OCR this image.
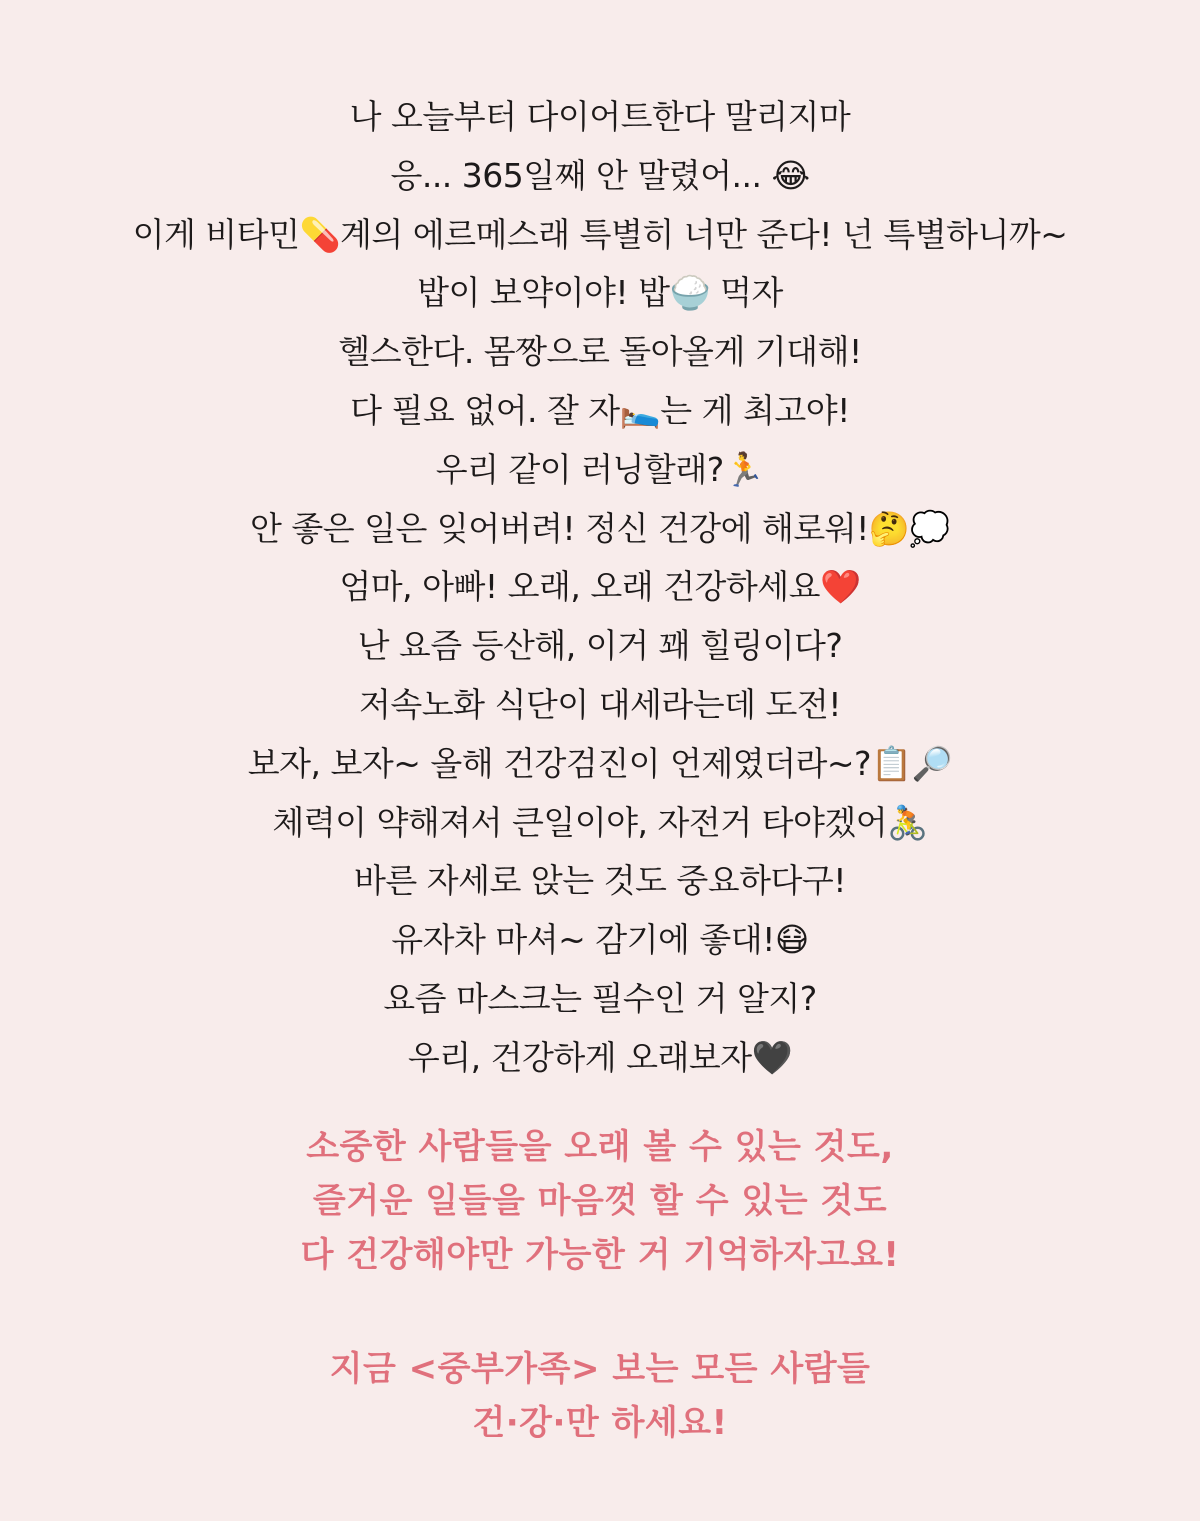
나 오늘부터 다이어트한다 말리지마
응... 365일째 안 말렸어... 😂
이게 비타민💊계의 에르메스래 특별히 너만 준다! 넌 특별하니까~
밥이 보약이야! 밥🍚 먹자
헬스한다. 몸짱으로 돌아올게 기대해!
다 필요 없어. 잘 자🛌는 게 최고야!
우리 같이 러닝할래?🏃
안 좋은 일은 잊어버려! 정신 건강에 해로워!🤔💭
엄마, 아빠! 오래, 오래 건강하세요❤️
난 요즘 등산해, 이거 꽤 힐링이다?
저속노화 식단이 대세라는데 도전!
보자, 보자~ 올해 건강검진이 언제였더라~?📋🔎
체력이 약해져서 큰일이야, 자전거 타야겠어🚴
바른 자세로 앉는 것도 중요하다구!
유자차 마셔~ 감기에 좋대!😷
요즘 마스크는 필수인 거 알지?
우리, 건강하게 오래보자🖤
소중한 사람들을 오래 볼 수 있는 것도,
즐거운 일들을 마음껏 할 수 있는 것도
다 건강해야만 가능한 거 기억하자고요!
지금 <중부가족> 보는 모든 사람들
건·강·만 하세요!
